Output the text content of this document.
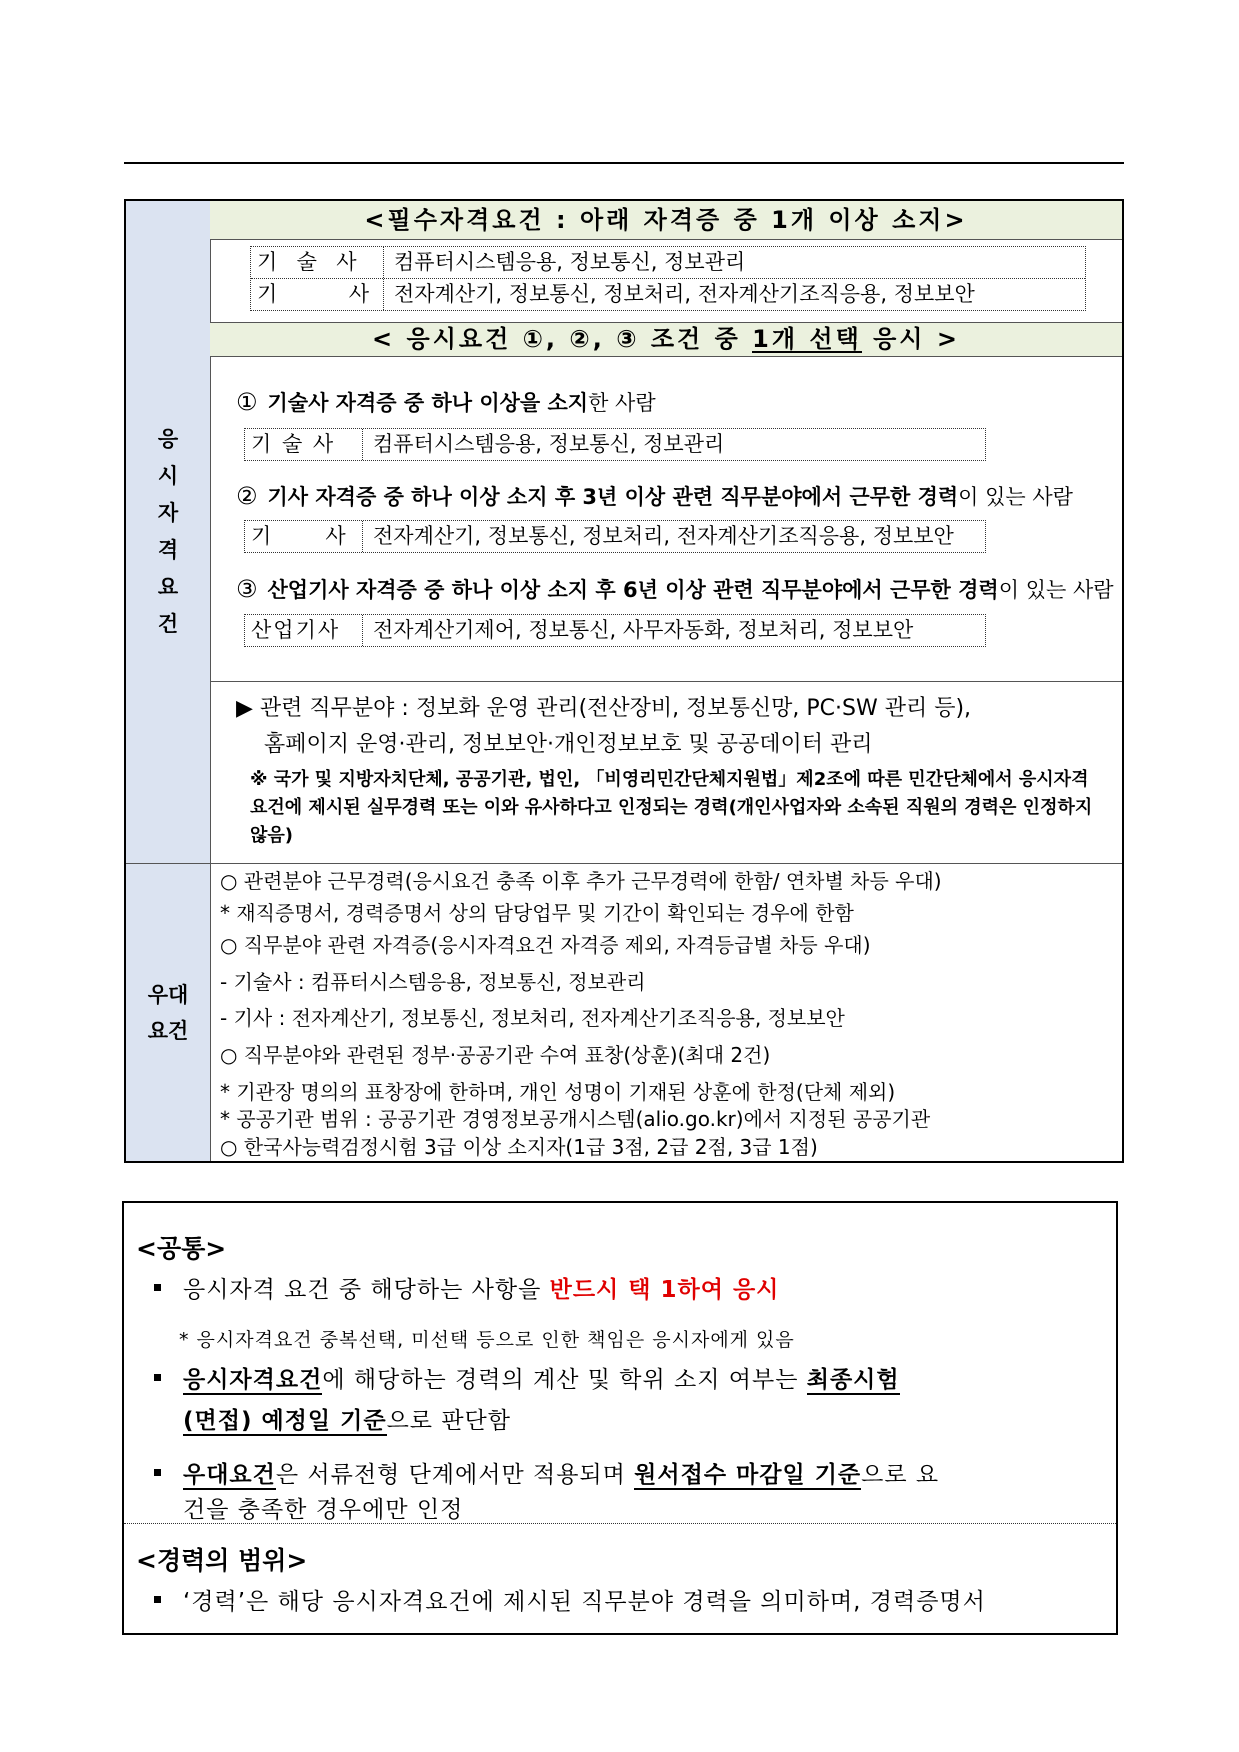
응
시
자
격
요
건
우대
요건
<필수자격요건 : 아래 자격증 중 1개 이상 소지>
기  술  사	컴퓨터시스템응용, 정보통신, 정보관리
기        사	전자계산기, 정보통신, 정보처리, 전자계산기조직응용, 정보보안
< 응시요건 ①, ②, ③ 조건 중 1개 선택 응시 >
① 기술사 자격증 중 하나 이상을 소지한 사람
기 술 사	컴퓨터시스템응용, 정보통신, 정보관리
② 기사 자격증 중 하나 이상 소지 후 3년 이상 관련 직무분야에서 근무한 경력이 있는 사람
기      사	전자계산기, 정보통신, 정보처리, 전자계산기조직응용, 정보보안
③ 산업기사 자격증 중 하나 이상 소지 후 6년 이상 관련 직무분야에서 근무한 경력이 있는 사람
산업기사	전자계산기제어, 정보통신, 사무자동화, 정보처리, 정보보안
▶ 관련 직무분야 : 정보화 운영 관리(전산장비, 정보통신망, PC·SW 관리 등),
홈페이지 운영·관리, 정보보안·개인정보보호 및 공공데이터 관리
※ 국가 및 지방자치단체, 공공기관, 법인, 「비영리민간단체지원법」제2조에 따른 민간단체에서 응시자격 요건에 제시된 실무경력 또는 이와 유사하다고 인정되는 경력(개인사업자와 소속된 직원의 경력은 인정하지 않음)
○ 관련분야 근무경력(응시요건 충족 이후 추가 근무경력에 한함/ 연차별 차등 우대)
* 재직증명서, 경력증명서 상의 담당업무 및 기간이 확인되는 경우에 한함
○ 직무분야 관련 자격증(응시자격요건 자격증 제외, 자격등급별 차등 우대)
- 기술사 : 컴퓨터시스템응용, 정보통신, 정보관리
- 기사 : 전자계산기, 정보통신, 정보처리, 전자계산기조직응용, 정보보안
○ 직무분야와 관련된 정부·공공기관 수여 표창(상훈)(최대 2건)
* 기관장 명의의 표창장에 한하며, 개인 성명이 기재된 상훈에 한정(단체 제외)
* 공공기관 범위 : 공공기관 경영정보공개시스템(alio.go.kr)에서 지정된 공공기관
○ 한국사능력검정시험 3급 이상 소지자(1급 3점, 2급 2점, 3급 1점)
<공통>
응시자격 요건 중 해당하는 사항을 반드시 택 1하여 응시
* 응시자격요건 중복선택, 미선택 등으로 인한 책임은 응시자에게 있음
응시자격요건에 해당하는 경력의 계산 및 학위 소지 여부는 최종시험
(면접) 예정일 기준으로 판단함
우대요건은 서류전형 단계에서만 적용되며 원서접수 마감일 기준으로 요
건을 충족한 경우에만 인정
<경력의 범위>
‘경력’은 해당 응시자격요건에 제시된 직무분야 경력을 의미하며, 경력증명서
